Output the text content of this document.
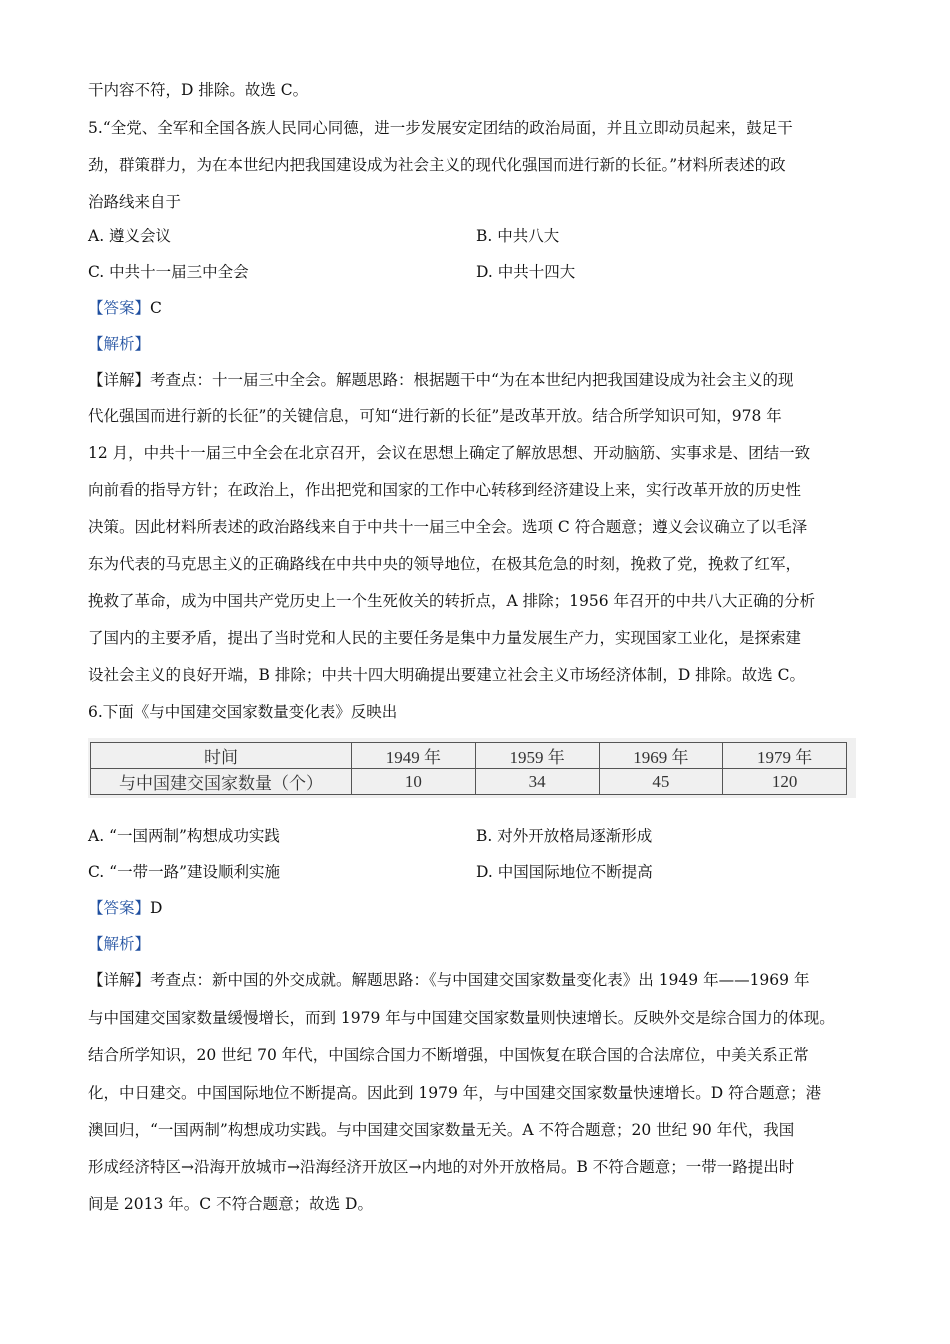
干内容不符，D 排除。故选 C。
5.“全党、全军和全国各族人民同心同德，进一步发展安定团结的政治局面，并且立即动员起来，鼓足干
劲，群策群力，为在本世纪内把我国建设成为社会主义的现代化强国而进行新的长征。”材料所表述的政
治路线来自于
A. 遵义会议	B. 中共八大
C. 中共十一届三中全会	D. 中共十四大
【答案】C
【解析】
【详解】考查点：十一届三中全会。解题思路：根据题干中“为在本世纪内把我国建设成为社会主义的现
代化强国而进行新的长征”的关键信息，可知“进行新的长征”是改革开放。结合所学知识可知，978 年
12 月，中共十一届三中全会在北京召开，会议在思想上确定了解放思想、开动脑筋、实事求是、团结一致
向前看的指导方针；在政治上，作出把党和国家的工作中心转移到经济建设上来，实行改革开放的历史性
决策。因此材料所表述的政治路线来自于中共十一届三中全会。选项 C 符合题意；遵义会议确立了以毛泽
东为代表的马克思主义的正确路线在中共中央的领导地位，在极其危急的时刻，挽救了党，挽救了红军，
挽救了革命，成为中国共产党历史上一个生死攸关的转折点，A 排除；1956 年召开的中共八大正确的分析
了国内的主要矛盾，提出了当时党和人民的主要任务是集中力量发展生产力，实现国家工业化，是探索建
设社会主义的良好开端，B 排除；中共十四大明确提出要建立社会主义市场经济体制，D 排除。故选 C。
6.下面《与中国建交国家数量变化表》反映出
时间	1949 年	1959 年	1969 年	1979 年
与中国建交国家数量（个）	10	34	45	120
A. “一国两制”构想成功实践	B. 对外开放格局逐渐形成
C. “一带一路”建设顺利实施	D. 中国国际地位不断提高
【答案】D
【解析】
【详解】考查点：新中国的外交成就。解题思路：《与中国建交国家数量变化表》出 1949 年——1969 年
与中国建交国家数量缓慢增长，而到 1979 年与中国建交国家数量则快速增长。反映外交是综合国力的体现。
结合所学知识，20 世纪 70 年代，中国综合国力不断增强，中国恢复在联合国的合法席位，中美关系正常
化，中日建交。中国国际地位不断提高。因此到 1979 年，与中国建交国家数量快速增长。D 符合题意；港
澳回归，“一国两制”构想成功实践。与中国建交国家数量无关。A 不符合题意；20 世纪 90 年代，我国
形成经济特区→沿海开放城市→沿海经济开放区→内地的对外开放格局。B 不符合题意；一带一路提出时
间是 2013 年。C 不符合题意；故选 D。
